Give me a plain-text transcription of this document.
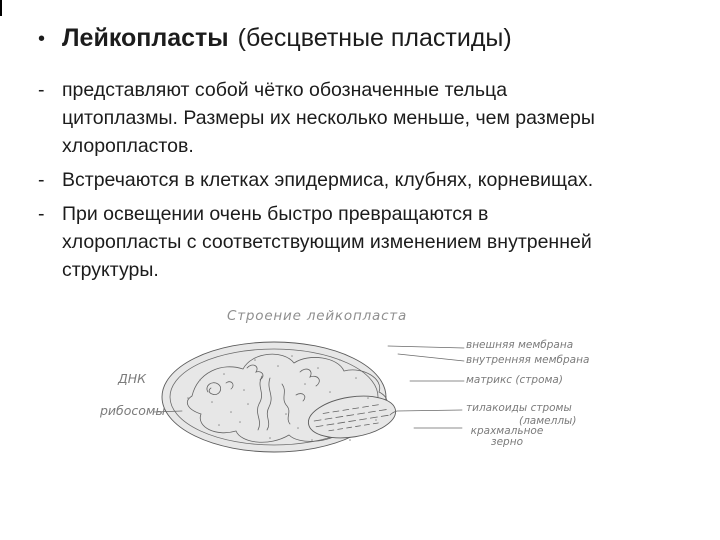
• Лейкопласты (бесцветные пластиды)
- представляют собой чётко обозначенные тельца
цитоплазмы. Размеры их несколько меньше, чем размеры
хлоропластов.
- Встречаются в клетках эпидермиса, клубнях, корневищах.
- При освещении очень быстро превращаются в
хлоропласты с соответствующим изменением внутренней
структуры.
Строение лейкопласта
ДНК
рибосомы
внешняя мембрана
внутренняя мембрана
матрикс (строма)
тилакоиды стромы
(ламеллы)
крахмальное зерно
